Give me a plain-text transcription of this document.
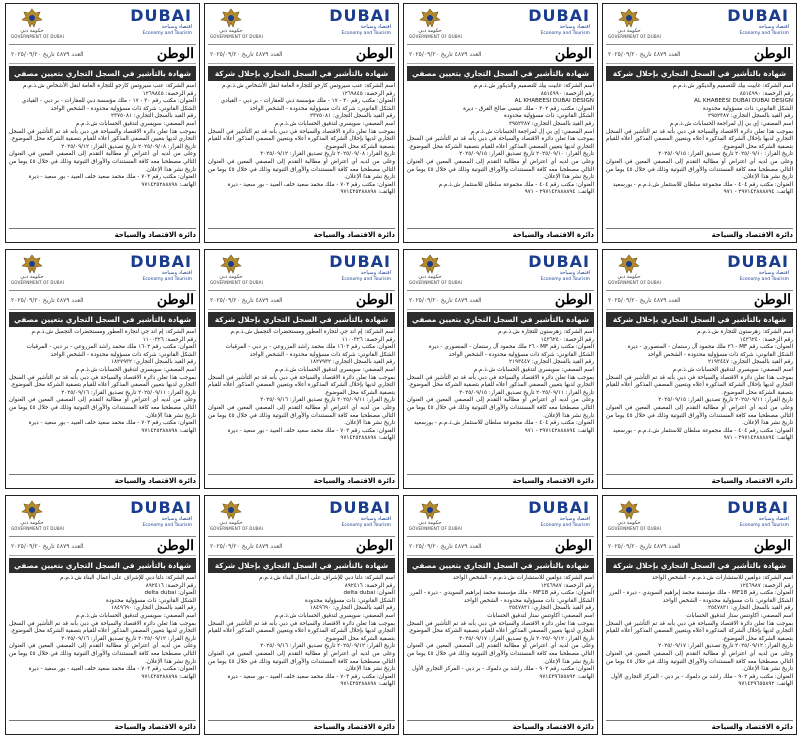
DUBAI
اقتصاد وسياحة
Economy and Tourism
حكومة دبي
GOVERNMENT OF DUBAI
الوطن
العدد ٤٨٧٩ تاريخ ٢٠٢٥/٠٩/٢٠
شهادة بالتأشير في السجل التجاري بإحلال شركة

اسم الشركة: غابيت بيك للتصميم والديكور ش.ذ.م.م

رقم الرخصة: ٨٥١٤٩٩٠

AL KHABEESI DUBAI DUBAI DESIGN

الشكل القانوني: ذات مسؤولية محدودة

رقم القيد بالسجل التجاري: ٢٩٥٢٣٨٧

اسم المصفي: إي بي إل لمراجعة الحسابات ش.ذ.م.م

بموجب هذا تعلن دائرة الاقتصاد والسياحة في دبي بأنه قد تم التأشير في السجل التجاري لديها بإحلال الشركة المذكورة أعلاه وبتعيين المصفي المذكور أعلاه للقيام بتصفية الشركة محل الموضوع.

تاريخ القرار: ٢٠٢٥/٠٩/١٠ تاريخ تصديق القرار: ٢٠٢٥/٠٩/١٥

وعلى من لديه أي اعتراض أو مطالبة التقدم إلى المصفي المعين في العنوان التالي مصطحبا معه كافة المستندات والأوراق الثبوتية وذلك في خلال ٤٥ يوما من تاريخ نشر هذا الإعلان.

العنوان: مكتب رقم ٤٠٤ - ملك مجموعة سلطان للاستثمار ش.ذ.م.م - بورسعيد

الهاتف: ٢٩٧١٤٢٨٨٨٨٩٤ - ٩٧١

دائرة الاقتصاد والسياحة
DUBAI
اقتصاد وسياحة
Economy and Tourism
حكومة دبي
GOVERNMENT OF DUBAI
الوطن
العدد ٤٨٧٩ تاريخ ٢٠٢٥/٠٩/٢٠
شهادة بالتأشير في السجل التجاري بتعيين مصفي

اسم الشركة: غابيت بيك للتصميم والديكور ش.ذ.م.م

رقم الرخصة: ٨٥١٤٩٩٠

AL KHABEESI DUBAI DESIGN

العنوان: مكتب رقم ٣٠٢ - ملك عيسى صالح القرق - ديرة

الشكل القانوني: ذات مسؤولية محدودة

رقم القيد بالسجل التجاري: ٢٩٥٢٣٨٧

اسم المصفي: إي بي إل لمراجعة الحسابات ش.ذ.م.م

بموجب هذا تعلن دائرة الاقتصاد والسياحة في دبي بأنه قد تم التأشير في السجل التجاري لديها بتعيين المصفي المذكور أعلاه للقيام بتصفية الشركة محل الموضوع.

تاريخ القرار: ٢٠٢٥/٠٩/١٠ تاريخ تصديق القرار: ٢٠٢٥/٠٩/١٥

وعلى من لديه أي اعتراض أو مطالبة التقدم إلى المصفي المعين في العنوان التالي مصطحبا معه كافة المستندات والأوراق الثبوتية وذلك في خلال ٤٥ يوما من تاريخ نشر هذا الإعلان.

العنوان: مكتب رقم ٤٠٤ - ملك مجموعة سلطان للاستثمار ش.ذ.م.م

الهاتف: ٢٩٧١٤٢٨٨٨٨٩٤ - ٩٧١

دائرة الاقتصاد والسياحة
DUBAI
اقتصاد وسياحة
Economy and Tourism
حكومة دبي
GOVERNMENT OF DUBAI
الوطن
العدد ٤٨٧٩ تاريخ ٢٠٢٥/٠٩/٢٠
شهادة بالتأشير في السجل التجاري بإحلال شركة

اسم الشركة: عنب سيروتس كارجو للتجارة العامة لنقل الأشخاص ش.ذ.م.م

رقم الرخصة: ١٢٦٩٨٤٥

العنوان: مكتب رقم ٣٠ - ١٧ - ملك مؤسسة دبي للعقارات - بر دبي - القيادي

الشكل القانوني: شركة ذات مسؤولية محدودة - الشخص الواحد

رقم القيد بالسجل التجاري: ٢٣٧٥٠٨١

اسم المصفي: سويسري لتدقيق الحسابات ش.ذ.م.م

بموجب هذا تعلن دائرة الاقتصاد والسياحة في دبي بأنه قد تم التأشير في السجل التجاري لديها بإحلال الشركة المذكورة أعلاه وبتعيين المصفي المذكور أعلاه للقيام بتصفية الشركة محل الموضوع.

تاريخ القرار: ٢٠٢٥/٠٩/٠٨ تاريخ تصديق القرار: ٢٠٢٥/٠٩/١٢

وعلى من لديه أي اعتراض أو مطالبة التقدم إلى المصفي المعين في العنوان التالي مصطحبا معه كافة المستندات والأوراق الثبوتية وذلك في خلال ٤٥ يوما من تاريخ نشر هذا الإعلان.

العنوان: مكتب رقم ٧٠٣ - ملك محمد سعيد خلف العبيد - بور سعيد - ديرة

الهاتف: ٩٧١٤٢٥٢٨٨٨٩٨

دائرة الاقتصاد والسياحة
DUBAI
اقتصاد وسياحة
Economy and Tourism
حكومة دبي
GOVERNMENT OF DUBAI
الوطن
العدد ٤٨٧٩ تاريخ ٢٠٢٥/٠٩/٢٠
شهادة بالتأشير في السجل التجاري بتعيين مصفي

اسم الشركة: عنب سيروتس كارجو للتجارة العامة لنقل الأشخاص ش.ذ.م.م

رقم الرخصة: ١٢٦٩٨٤٥

العنوان: مكتب رقم ٣٠ - ١٧ - ملك مؤسسة دبي للعقارات - بر دبي - القيادي

الشكل القانوني: شركة ذات مسؤولية محدودة - الشخص الواحد

رقم القيد بالسجل التجاري: ٢٣٧٥٠٨١

اسم المصفي: سويسري لتدقيق الحسابات ش.ذ.م.م

بموجب هذا تعلن دائرة الاقتصاد والسياحة في دبي بأنه قد تم التأشير في السجل التجاري لديها بتعيين المصفي المذكور أعلاه للقيام بتصفية الشركة محل الموضوع.

تاريخ القرار: ٢٠٢٥/٠٩/٠٨ تاريخ تصديق القرار: ٢٠٢٥/٠٩/١٢

وعلى من لديه أي اعتراض أو مطالبة التقدم إلى المصفي المعين في العنوان التالي مصطحبا معه كافة المستندات والأوراق الثبوتية وذلك في خلال ٤٥ يوما من تاريخ نشر هذا الإعلان.

العنوان: مكتب رقم ٧٠٣ - ملك محمد سعيد خلف العبيد - بور سعيد - ديرة

الهاتف: ٩٧١٤٢٥٢٨٨٨٩٨

دائرة الاقتصاد والسياحة
DUBAI
اقتصاد وسياحة
Economy and Tourism
حكومة دبي
GOVERNMENT OF DUBAI
الوطن
العدد ٤٨٧٩ تاريخ ٢٠٢٥/٠٩/٢٠
شهادة بالتأشير في السجل التجاري بإحلال شركة

اسم الشركة: زهرستون للتجارة ش.ذ.م.م

رقم الرخصة: ١٤٣٦٢٤٠

العنوان: مكتب رقم MF - ٢٦ ملك محمود آل رستمان - المنصوري - ديرة

الشكل القانوني: شركة ذات مسؤولية محدودة - الشخص الواحد

رقم القيد بالسجل التجاري: ٢١٩٣٤٤٧

اسم المصفي: سويسري لتدقيق الحسابات ش.ذ.م.م

بموجب هذا تعلن دائرة الاقتصاد والسياحة في دبي بأنه قد تم التأشير في السجل التجاري لديها بإحلال الشركة المذكورة أعلاه وبتعيين المصفي المذكور أعلاه للقيام بتصفية الشركة محل الموضوع.

تاريخ القرار: ٢٠٢٥/٠٩/١١ تاريخ تصديق القرار: ٢٠٢٥/٠٩/١٥

وعلى من لديه أي اعتراض أو مطالبة التقدم إلى المصفي المعين في العنوان التالي مصطحبا معه كافة المستندات والأوراق الثبوتية وذلك في خلال ٤٥ يوما من تاريخ نشر هذا الإعلان.

العنوان: مكتب رقم ٤٠٤ - ملك مجموعة سلطان للاستثمار ش.ذ.م.م - بورسعيد

الهاتف: ٢٩٧١٤٢٨٨٨٨٩٤ - ٩٧١

دائرة الاقتصاد والسياحة
DUBAI
اقتصاد وسياحة
Economy and Tourism
حكومة دبي
GOVERNMENT OF DUBAI
الوطن
العدد ٤٨٧٩ تاريخ ٢٠٢٥/٠٩/٢٠
شهادة بالتأشير في السجل التجاري بتعيين مصفي

اسم الشركة: زهرستون للتجارة ش.ذ.م.م

رقم الرخصة: ١٤٣٦٢٤٠

العنوان: مكتب رقم MF - ٢٦ ملك محمود آل رستمان - المنصوري - ديرة

الشكل القانوني: شركة ذات مسؤولية محدودة - الشخص الواحد

رقم القيد بالسجل التجاري: ٢١٩٣٤٤٧

اسم المصفي: سويسري لتدقيق الحسابات ش.ذ.م.م

بموجب هذا تعلن دائرة الاقتصاد والسياحة في دبي بأنه قد تم التأشير في السجل التجاري لديها بتعيين المصفي المذكور أعلاه للقيام بتصفية الشركة محل الموضوع.

تاريخ القرار: ٢٠٢٥/٠٩/١١ تاريخ تصديق القرار: ٢٠٢٥/٠٩/١٥

وعلى من لديه أي اعتراض أو مطالبة التقدم إلى المصفي المعين في العنوان التالي مصطحبا معه كافة المستندات والأوراق الثبوتية وذلك في خلال ٤٥ يوما من تاريخ نشر هذا الإعلان.

العنوان: مكتب رقم ٤٠٤ - ملك مجموعة سلطان للاستثمار ش.ذ.م.م - بورسعيد

الهاتف: ٢٩٧١٤٢٨٨٨٨٩٤ - ٩٧١

دائرة الاقتصاد والسياحة
DUBAI
اقتصاد وسياحة
Economy and Tourism
حكومة دبي
GOVERNMENT OF DUBAI
الوطن
العدد ٤٨٧٩ تاريخ ٢٠٢٥/٠٩/٢٠
شهادة بالتأشير في السجل التجاري بإحلال شركة

اسم الشركة: إم اند جي لتجارة العطور ومستحضرات التجميل ش.ذ.م.م

رقم الرخصة: ١١٠٠٣٢٦

العنوان: مكتب رقم ١٦٠٢ ملك محمد راشد المزروعي - بر دبي - المرقبات

الشكل القانوني: شركة ذات مسؤولية محدودة - الشخص الواحد

رقم القيد بالسجل التجاري: ١٨٢٧٩٣٢

اسم المصفي: سويسري لتدقيق الحسابات ش.ذ.م.م

بموجب هذا تعلن دائرة الاقتصاد والسياحة في دبي بأنه قد تم التأشير في السجل التجاري لديها بإحلال الشركة المذكورة أعلاه وبتعيين المصفي المذكور أعلاه للقيام بتصفية الشركة محل الموضوع.

تاريخ القرار: ٢٠٢٥/٠٩/١١ تاريخ تصديق القرار: ٢٠٢٥/٠٩/١٦

وعلى من لديه أي اعتراض أو مطالبة التقدم إلى المصفي المعين في العنوان التالي مصطحبا معه كافة المستندات والأوراق الثبوتية وذلك في خلال ٤٥ يوما من تاريخ نشر هذا الإعلان.

العنوان: مكتب رقم ٧٠٣ - ملك محمد سعيد خلف العبيد - بور سعيد - ديرة

الهاتف: ٩٧١٤٢٥٢٨٨٨٩٨

دائرة الاقتصاد والسياحة
DUBAI
اقتصاد وسياحة
Economy and Tourism
حكومة دبي
GOVERNMENT OF DUBAI
الوطن
العدد ٤٨٧٩ تاريخ ٢٠٢٥/٠٩/٢٠
شهادة بالتأشير في السجل التجاري بتعيين مصفي

اسم الشركة: إم اند جي لتجارة العطور ومستحضرات التجميل ش.ذ.م.م

رقم الرخصة: ١١٠٠٣٢٦

العنوان: مكتب رقم ١٦٠٢ ملك محمد راشد المزروعي - بر دبي - المرقبات

الشكل القانوني: شركة ذات مسؤولية محدودة - الشخص الواحد

رقم القيد بالسجل التجاري: ١٨٢٧٩٣٢

اسم المصفي: سويسري لتدقيق الحسابات ش.ذ.م.م

بموجب هذا تعلن دائرة الاقتصاد والسياحة في دبي بأنه قد تم التأشير في السجل التجاري لديها بتعيين المصفي المذكور أعلاه للقيام بتصفية الشركة محل الموضوع.

تاريخ القرار: ٢٠٢٥/٠٩/١١ تاريخ تصديق القرار: ٢٠٢٥/٠٩/١٦

وعلى من لديه أي اعتراض أو مطالبة التقدم إلى المصفي المعين في العنوان التالي مصطحبا معه كافة المستندات والأوراق الثبوتية وذلك في خلال ٤٥ يوما من تاريخ نشر هذا الإعلان.

العنوان: مكتب رقم ٧٠٣ - ملك محمد سعيد خلف العبيد - بور سعيد - ديرة

الهاتف: ٩٧١٤٢٥٢٨٨٨٩٨

دائرة الاقتصاد والسياحة
DUBAI
اقتصاد وسياحة
Economy and Tourism
حكومة دبي
GOVERNMENT OF DUBAI
الوطن
العدد ٤٨٧٩ تاريخ ٢٠٢٥/٠٩/٢٠
شهادة بالتأشير في السجل التجاري بإحلال شركة

اسم الشركة: دولفين للاستشارات ش.ذ.م.م - الشخص الواحد

رقم الرخصة: ١٢٤٦٩٨٧

العنوان: مكتب رقم MF18 - ملك مؤسسة محمد إبراهيم السويدي - ديرة - المرر

الشكل القانوني: ذات مسؤولية محدودة - الشخص الواحد

رقم القيد بالسجل التجاري: ٢٥٤٧٨٣١

اسم المصفي: أكاونتس ستار لتدقيق الحسابات

بموجب هذا تعلن دائرة الاقتصاد والسياحة في دبي بأنه قد تم التأشير في السجل التجاري لديها بإحلال الشركة المذكورة أعلاه وبتعيين المصفي المذكور أعلاه للقيام بتصفية الشركة محل الموضوع.

تاريخ القرار: ٢٠٢٥/٠٩/١٢ تاريخ تصديق القرار: ٢٠٢٥/٠٩/١٧

وعلى من لديه أي اعتراض أو مطالبة التقدم إلى المصفي المعين في العنوان التالي مصطحبا معه كافة المستندات والأوراق الثبوتية وذلك في خلال ٤٥ يوما من تاريخ نشر هذا الإعلان.

العنوان: مكتب رقم ٩٠٢ - ملك راشد بن دلموك - بر دبي - المركز التجاري الأول

الهاتف: ٩٧١٤٣٩٦٥٥٨٩٢

دائرة الاقتصاد والسياحة
DUBAI
اقتصاد وسياحة
Economy and Tourism
حكومة دبي
GOVERNMENT OF DUBAI
الوطن
العدد ٤٨٧٩ تاريخ ٢٠٢٥/٠٩/٢٠
شهادة بالتأشير في السجل التجاري بتعيين مصفي

اسم الشركة: دولفين للاستشارات ش.ذ.م.م - الشخص الواحد

رقم الرخصة: ١٢٤٦٩٨٧

العنوان: مكتب رقم MF18 - ملك مؤسسة محمد إبراهيم السويدي - ديرة - المرر

الشكل القانوني: ذات مسؤولية محدودة - الشخص الواحد

رقم القيد بالسجل التجاري: ٢٥٤٧٨٣١

اسم المصفي: أكاونتس ستار لتدقيق الحسابات

بموجب هذا تعلن دائرة الاقتصاد والسياحة في دبي بأنه قد تم التأشير في السجل التجاري لديها بتعيين المصفي المذكور أعلاه للقيام بتصفية الشركة محل الموضوع.

تاريخ القرار: ٢٠٢٥/٠٩/١٢ تاريخ تصديق القرار: ٢٠٢٥/٠٩/١٧

وعلى من لديه أي اعتراض أو مطالبة التقدم إلى المصفي المعين في العنوان التالي مصطحبا معه كافة المستندات والأوراق الثبوتية وذلك في خلال ٤٥ يوما من تاريخ نشر هذا الإعلان.

العنوان: مكتب رقم ٩٠٢ - ملك راشد بن دلموك - بر دبي - المركز التجاري الأول

الهاتف: ٩٧١٤٣٩٦٥٥٨٩٢

دائرة الاقتصاد والسياحة
DUBAI
اقتصاد وسياحة
Economy and Tourism
حكومة دبي
GOVERNMENT OF DUBAI
الوطن
العدد ٤٨٧٩ تاريخ ٢٠٢٥/٠٩/٢٠
شهادة بالتأشير في السجل التجاري بإحلال شركة

اسم الشركة: دلتا دبي للإشراف على أعمال البناء ش.ذ.م.م

رقم الرخصة: ٨٩٢٤١٦

العنوان: delta dubai

الشكل القانوني: ذات مسؤولية محدودة

رقم القيد بالسجل التجاري: ١٨٤٩٦٩٠

اسم المصفي: سويسري لتدقيق الحسابات ش.ذ.م.م

بموجب هذا تعلن دائرة الاقتصاد والسياحة في دبي بأنه قد تم التأشير في السجل التجاري لديها بإحلال الشركة المذكورة أعلاه وبتعيين المصفي المذكور أعلاه للقيام بتصفية الشركة محل الموضوع.

تاريخ القرار: ٢٠٢٥/٠٩/١٢ تاريخ تصديق القرار: ٢٠٢٥/٠٩/١٦

وعلى من لديه أي اعتراض أو مطالبة التقدم إلى المصفي المعين في العنوان التالي مصطحبا معه كافة المستندات والأوراق الثبوتية وذلك في خلال ٤٥ يوما من تاريخ نشر هذا الإعلان.

العنوان: مكتب رقم ٧٠٣ - ملك محمد سعيد خلف العبيد - بور سعيد - ديرة

الهاتف: ٩٧١٤٢٥٢٨٨٨٩٨

دائرة الاقتصاد والسياحة
DUBAI
اقتصاد وسياحة
Economy and Tourism
حكومة دبي
GOVERNMENT OF DUBAI
الوطن
العدد ٤٨٧٩ تاريخ ٢٠٢٥/٠٩/٢٠
شهادة بالتأشير في السجل التجاري بتعيين مصفي

اسم الشركة: دلتا دبي للإشراف على أعمال البناء ش.ذ.م.م

رقم الرخصة: ٨٩٢٤١٦

العنوان: delta dubai

الشكل القانوني: ذات مسؤولية محدودة

رقم القيد بالسجل التجاري: ١٨٤٩٦٩٠

اسم المصفي: سويسري لتدقيق الحسابات ش.ذ.م.م

بموجب هذا تعلن دائرة الاقتصاد والسياحة في دبي بأنه قد تم التأشير في السجل التجاري لديها بتعيين المصفي المذكور أعلاه للقيام بتصفية الشركة محل الموضوع.

تاريخ القرار: ٢٠٢٥/٠٩/١٢ تاريخ تصديق القرار: ٢٠٢٥/٠٩/١٦

وعلى من لديه أي اعتراض أو مطالبة التقدم إلى المصفي المعين في العنوان التالي مصطحبا معه كافة المستندات والأوراق الثبوتية وذلك في خلال ٤٥ يوما من تاريخ نشر هذا الإعلان.

العنوان: مكتب رقم ٧٠٣ - ملك محمد سعيد خلف العبيد - بور سعيد - ديرة

الهاتف: ٩٧١٤٢٥٢٨٨٨٩٨

دائرة الاقتصاد والسياحة
